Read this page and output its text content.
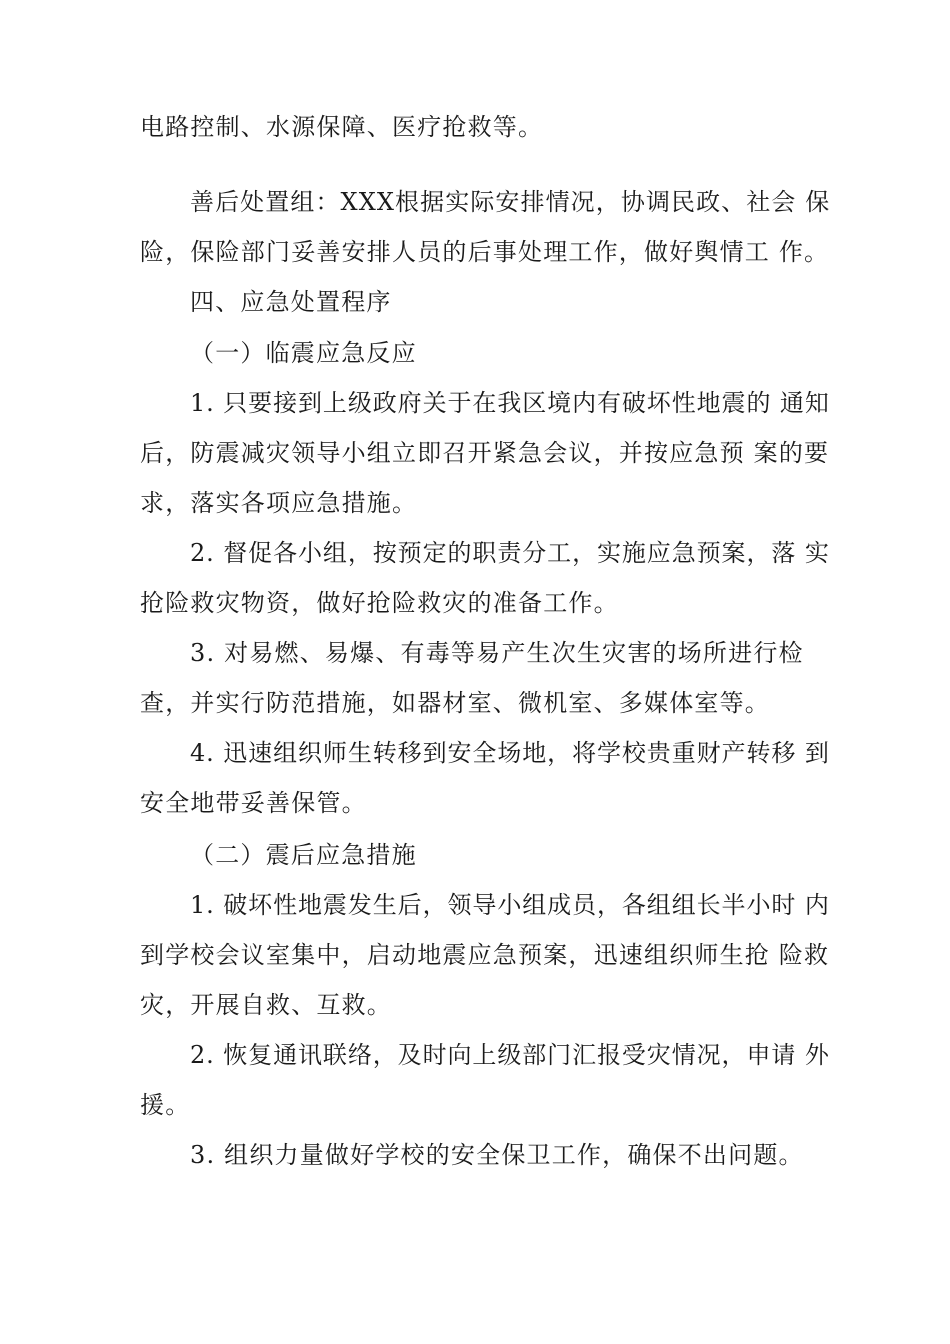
电路控制、水源保障、医疗抢救等。
善后处置组：XXX根据实际安排情况，协调民政、社会 保
险，保险部门妥善安排人员的后事处理工作，做好舆情工 作。
四、应急处置程序
（一）临震应急反应
1. 只要接到上级政府关于在我区境内有破坏性地震的 通知
后，防震减灾领导小组立即召开紧急会议，并按应急预 案的要
求，落实各项应急措施。
2. 督促各小组，按预定的职责分工，实施应急预案，落 实
抢险救灾物资，做好抢险救灾的准备工作。
3. 对易燃、易爆、有毒等易产生次生灾害的场所进行检
查，并实行防范措施，如器材室、微机室、多媒体室等。
4. 迅速组织师生转移到安全场地，将学校贵重财产转移 到
安全地带妥善保管。
（二）震后应急措施
1. 破坏性地震发生后，领导小组成员，各组组长半小时 内
到学校会议室集中，启动地震应急预案，迅速组织师生抢 险救
灾，开展自救、互救。
2. 恢复通讯联络，及时向上级部门汇报受灾情况，申请 外
援。
3. 组织力量做好学校的安全保卫工作，确保不出问题。
